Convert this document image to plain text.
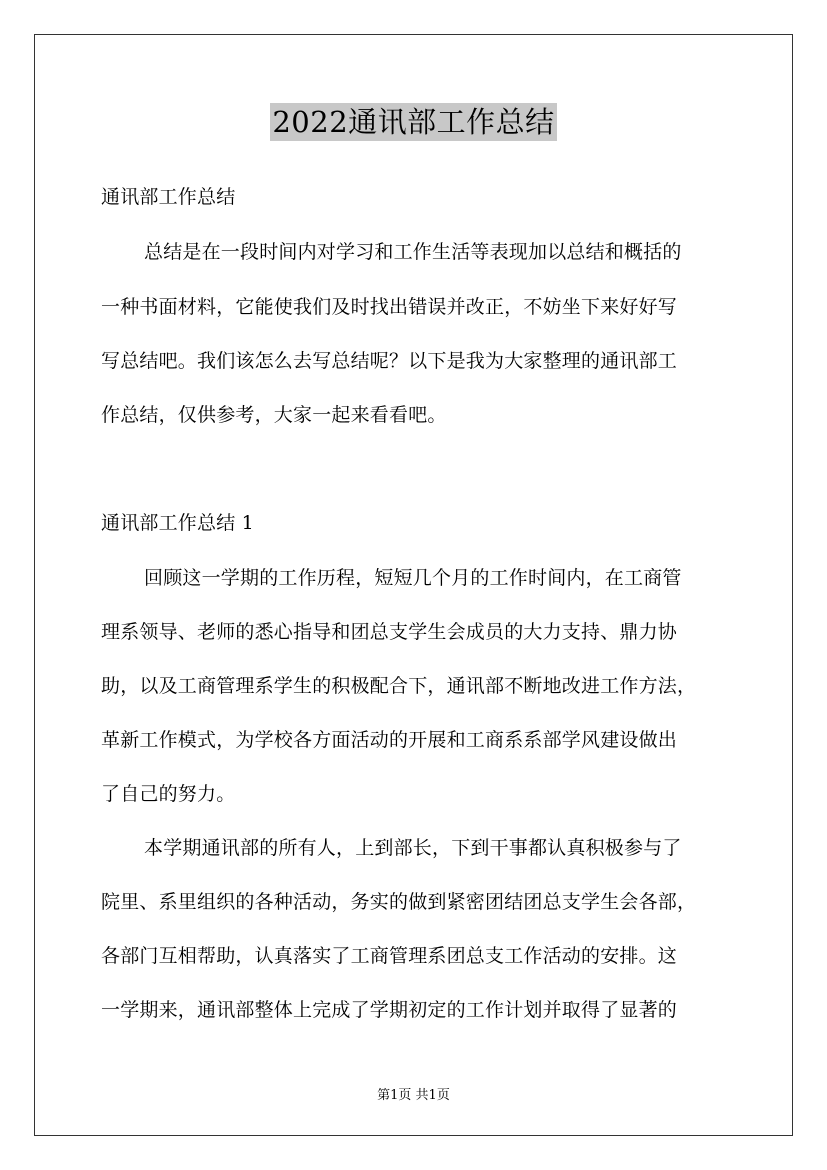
2022通讯部工作总结
通讯部工作总结
总结是在一段时间内对学习和工作生活等表现加以总结和概括的
一种书面材料，它能使我们及时找出错误并改正，不妨坐下来好好写
写总结吧。我们该怎么去写总结呢？以下是我为大家整理的通讯部工
作总结，仅供参考，大家一起来看看吧。
通讯部工作总结 1
回顾这一学期的工作历程，短短几个月的工作时间内，在工商管
理系领导、老师的悉心指导和团总支学生会成员的大力支持、鼎力协
助，以及工商管理系学生的积极配合下，通讯部不断地改进工作方法，
革新工作模式，为学校各方面活动的开展和工商系系部学风建设做出
了自己的努力。
本学期通讯部的所有人，上到部长，下到干事都认真积极参与了
院里、系里组织的各种活动，务实的做到紧密团结团总支学生会各部，
各部门互相帮助，认真落实了工商管理系团总支工作活动的安排。这
一学期来，通讯部整体上完成了学期初定的工作计划并取得了显著的
第1页 共1页
